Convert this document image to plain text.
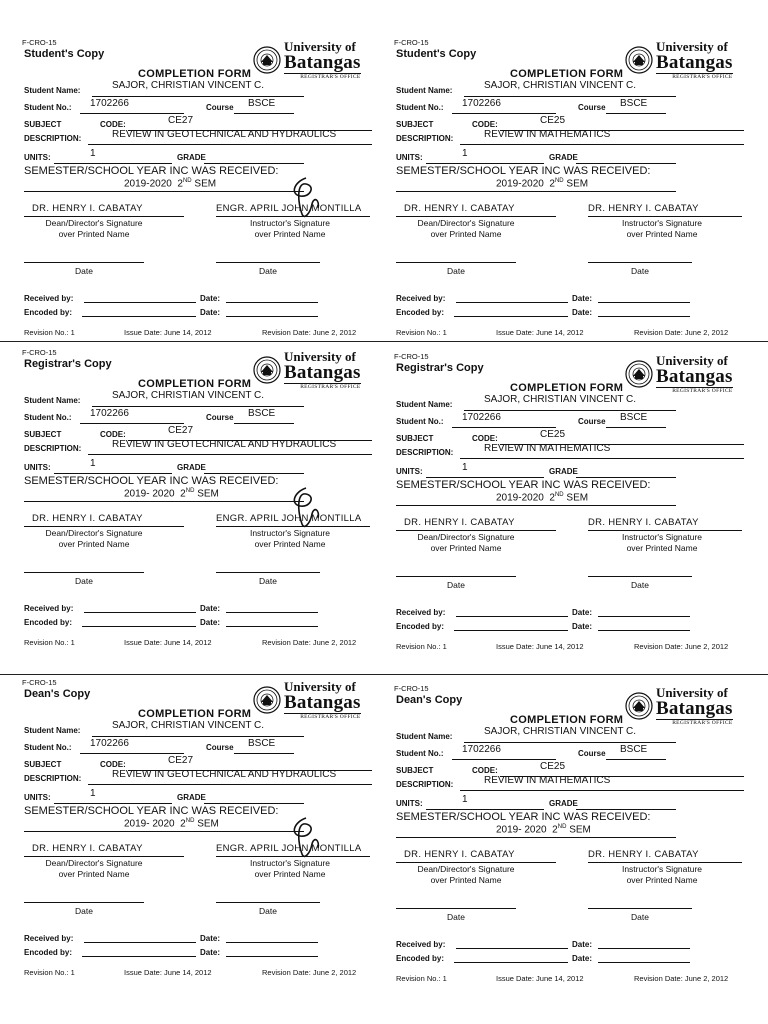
F-CRO-15
Student's Copy	University of
Batangas
REGISTRAR'S OFFICE
COMPLETION FORM
Student Name:	SAJOR, CHRISTIAN VINCENT C.
Student No.: 1702266	Course BSCE
SUBJECT	CODE:	CE27
DESCRIPTION:	REVIEW IN GEOTECHNICAL AND HYDRAULICS
UNITS:	1	GRADE
SEMESTER/SCHOOL YEAR INC WAS RECEIVED:
2019-2020 2ND SEM
DR. HENRY I. CABATAY
Dean/Director's Signature
over Printed Name
ENGR. APRIL JOHN MONTILLA
Instructor's Signature
over Printed Name
Date	Date
Received by:	Date:
Encoded by:	Date:
Revision No.: 1	Issue Date: June 14, 2012	Revision Date: June 2, 2012
F-CRO-15
Student's Copy	University of
Batangas
REGISTRAR'S OFFICE
COMPLETION FORM
Student Name:	SAJOR, CHRISTIAN VINCENT C.
Student No.: 1702266	Course BSCE
SUBJECT	CODE:	CE25
DESCRIPTION:	REVIEW IN MATHEMATICS
UNITS:	1	GRADE
SEMESTER/SCHOOL YEAR INC WAS RECEIVED:
2019-2020 2ND SEM
DR. HENRY I. CABATAY
Dean/Director's Signature
over Printed Name
DR. HENRY I. CABATAY
Instructor's Signature
over Printed Name
Date	Date
Received by:	Date:
Encoded by:	Date:
Revision No.: 1	Issue Date: June 14, 2012	Revision Date: June 2, 2012
F-CRO-15
Registrar's Copy	University of
Batangas
REGISTRAR'S OFFICE
COMPLETION FORM
Student Name:	SAJOR, CHRISTIAN VINCENT C.
Student No.: 1702266	Course BSCE
SUBJECT	CODE:	CE27
DESCRIPTION:	REVIEW IN GEOTECHNICAL AND HYDRAULICS
UNITS:	1	GRADE
SEMESTER/SCHOOL YEAR INC WAS RECEIVED:
2019- 2020 2ND SEM
DR. HENRY I. CABATAY
Dean/Director's Signature
over Printed Name
ENGR. APRIL JOHN MONTILLA
Instructor's Signature
over Printed Name
Date	Date
Received by:	Date:
Encoded by:	Date:
Revision No.: 1	Issue Date: June 14, 2012	Revision Date: June 2, 2012
F-CRO-15
Registrar's Copy	University of
Batangas
REGISTRAR'S OFFICE
COMPLETION FORM
Student Name:	SAJOR, CHRISTIAN VINCENT C.
Student No.: 1702266	Course BSCE
SUBJECT	CODE:	CE25
DESCRIPTION:	REVIEW IN MATHEMATICS
UNITS:	1	GRADE
SEMESTER/SCHOOL YEAR INC WAS RECEIVED:
2019-2020 2ND SEM
DR. HENRY I. CABATAY
Dean/Director's Signature
over Printed Name
DR. HENRY I. CABATAY
Instructor's Signature
over Printed Name
Date	Date
Received by:	Date:
Encoded by:	Date:
Revision No.: 1	Issue Date: June 14, 2012	Revision Date: June 2, 2012
F-CRO-15
Dean's Copy	University of
Batangas
REGISTRAR'S OFFICE
COMPLETION FORM
Student Name:	SAJOR, CHRISTIAN VINCENT C.
Student No.: 1702266	Course BSCE
SUBJECT	CODE:	CE27
DESCRIPTION:	REVIEW IN GEOTECHNICAL AND HYDRAULICS
UNITS:	1	GRADE
SEMESTER/SCHOOL YEAR INC WAS RECEIVED:
2019- 2020 2ND SEM
DR. HENRY I. CABATAY
Dean/Director's Signature
over Printed Name
ENGR. APRIL JOHN MONTILLA
Instructor's Signature
over Printed Name
Date	Date
Received by:	Date:
Encoded by:	Date:
Revision No.: 1	Issue Date: June 14, 2012	Revision Date: June 2, 2012
F-CRO-15
Dean's Copy	University of
Batangas
REGISTRAR'S OFFICE
COMPLETION FORM
Student Name:	SAJOR, CHRISTIAN VINCENT C.
Student No.: 1702266	Course BSCE
SUBJECT	CODE:	CE25
DESCRIPTION:	REVIEW IN MATHEMATICS
UNITS:	1	GRADE
SEMESTER/SCHOOL YEAR INC WAS RECEIVED:
2019- 2020 2ND SEM
DR. HENRY I. CABATAY
Dean/Director's Signature
over Printed Name
DR. HENRY I. CABATAY
Instructor's Signature
over Printed Name
Date	Date
Received by:	Date:
Encoded by:	Date:
Revision No.: 1	Issue Date: June 14, 2012	Revision Date: June 2, 2012
